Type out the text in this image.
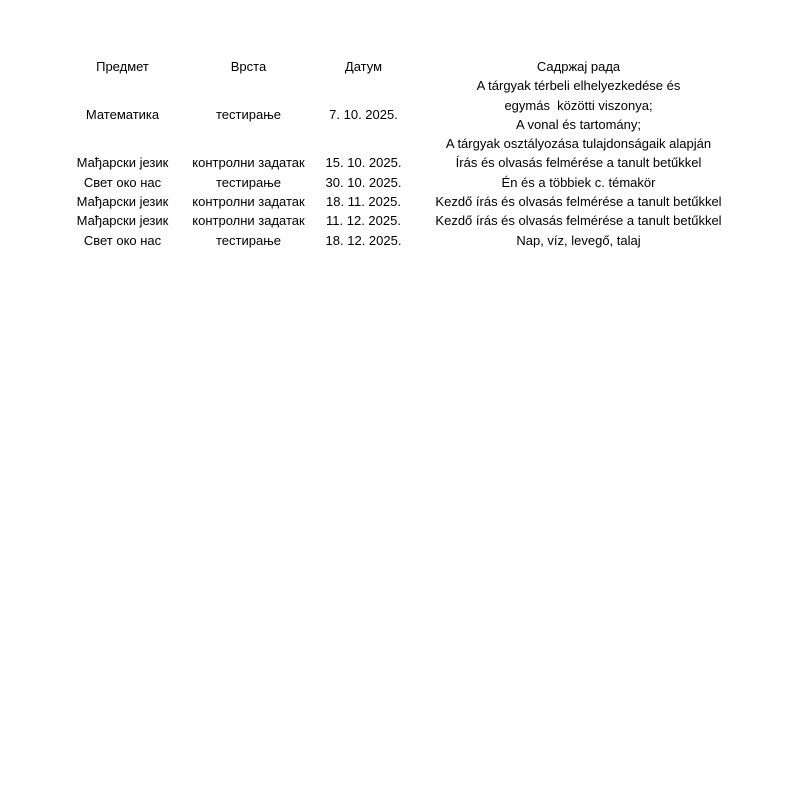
Предмет	Врста	Датум	Садржај рада
Математика	тестирање	7. 10. 2025.	A tárgyak térbeli elhelyezkedése és
egymás  közötti viszonya;
A vonal és tartomány;
A tárgyak osztályozása tulajdonságaik alapján

Мађарски језик	контролни задатак	15. 10. 2025.	Írás és olvasás felmérése a tanult betűkkel

Свет око нас	тестирање	30. 10. 2025.	Én és a többiek c. témakör

Мађарски језик	контролни задатак	18. 11. 2025.	Kezdő írás és olvasás felmérése a tanult betűkkel

Мађарски језик	контролни задатак	11. 12. 2025.	Kezdő írás és olvasás felmérése a tanult betűkkel

Свет око нас	тестирање	18. 12. 2025.	Nap, víz, levegő, talaj
